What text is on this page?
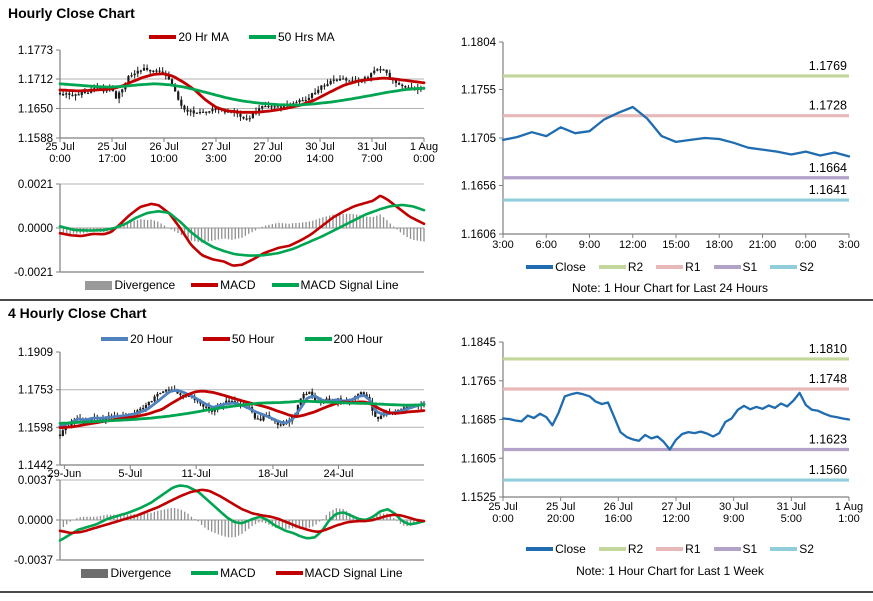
Hourly Close Chart
20 Hr MA	50 Hrs MA
1.1773
1.1712
1.1650
1.1588
25 Jul
0:00
25 Jul
17:00
26 Jul
10:00
27 Jul
3:00
27 Jul
20:00
30 Jul
14:00
31 Jul
7:00
1 Aug
0:00
0.0021
0.0000
-0.0021
Divergence	MACD	MACD Signal Line
1.1804
1.1755
1.1705
1.1656
1.1606
3:00 6:00 9:00 12:00 15:00 18:00 21:00 0:00 3:00
1.1769
1.1728
1.1664
1.1641
Close	R2	R1	S1	S2
Note: 1 Hour Chart for Last 24 Hours
4 Hourly Close Chart
20 Hour	50 Hour	200 Hour
1.1909
1.1753
1.1598
1.1442
29-Jun	5-Jul	11-Jul	18-Jul	24-Jul
0.0037
0.0000
-0.0037
Divergence	MACD	MACD Signal Line
1.1845
1.1765
1.1685
1.1605
1.1525
25 Jul
0:00
25 Jul
20:00
26 Jul
16:00
27 Jul
12:00
30 Jul
9:00
31 Jul
5:00
1 Aug
1:00
1.1810
1.1748
1.1623
1.1560
Close	R2	R1	S1	S2
Note: 1 Hour Chart for Last 1 Week
